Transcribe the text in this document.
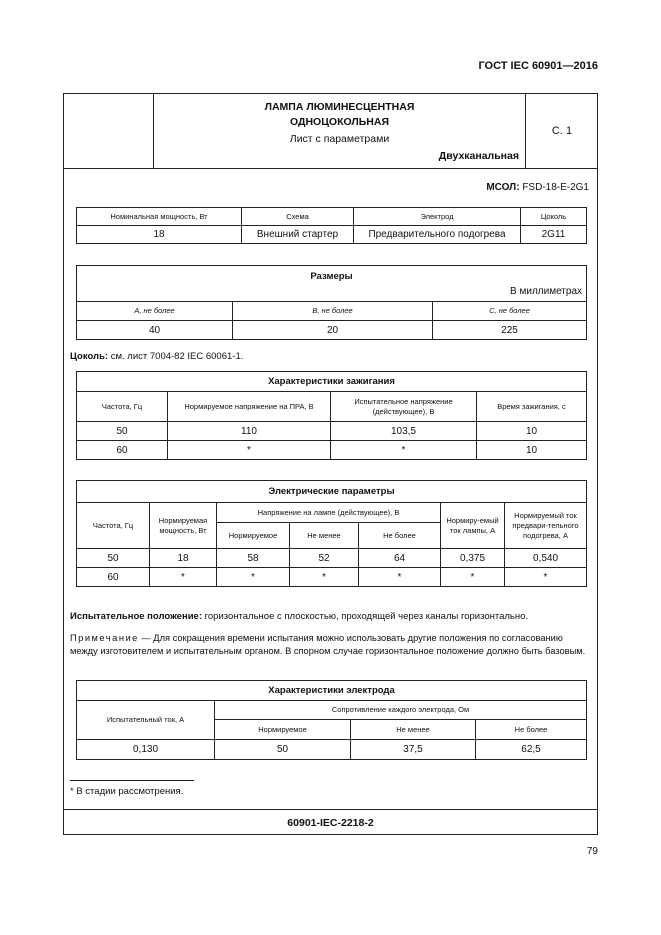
ГОСТ IEC 60901—2016
ЛАМПА ЛЮМИНЕСЦЕНТНАЯ
ОДНОЦОКОЛЬНАЯ
Лист с параметрами
Двухканальная
С. 1
МСОЛ: FSD-18-E-2G1
Номинальная мощность, Вт	Схема	Электрод	Цоколь
18	Внешний стартер	Предварительного подогрева	2G11
Размеры
В миллиметрах		

A, не более	B, не более	C, не более
40	20	225
Цоколь: см. лист 7004-82 IEC 60061-1.
Характеристики зажигания			
Частота, Гц	Нормируемое напряжение на ПРА, В	Испытательное напряжение (действующее), В	Время зажигания, с
50	110	103,5	10
60	*	*	10
Электрические параметры						
Частота, Гц	Нормируемая мощность, Вт	Напряжение на лампе (действующее), В			Нормиру-емый ток лампы, А	Нормируемый ток предвари-тельного подогрева, А
		Нормируемое	Не менее	Не более		
50	18	58	52	64	0,375	0,540
60	*	*	*	*	*	*
Испытательное положение: горизонтальное с плоскостью, проходящей через каналы горизонтально.
Примечание — Для сокращения времени испытания можно использовать другие положения по согласованию между изготовителем и испытательным органом. В спорном случае горизонтальное положение должно быть базовым.
Характеристики электрода			
Испытательный ток, А	Сопротивление каждого электрода, Ом		
	Нормируемое	Не менее	Не более
0,130	50	37,5	62,5
* В стадии рассмотрения.
60901-IEC-2218-2
79
